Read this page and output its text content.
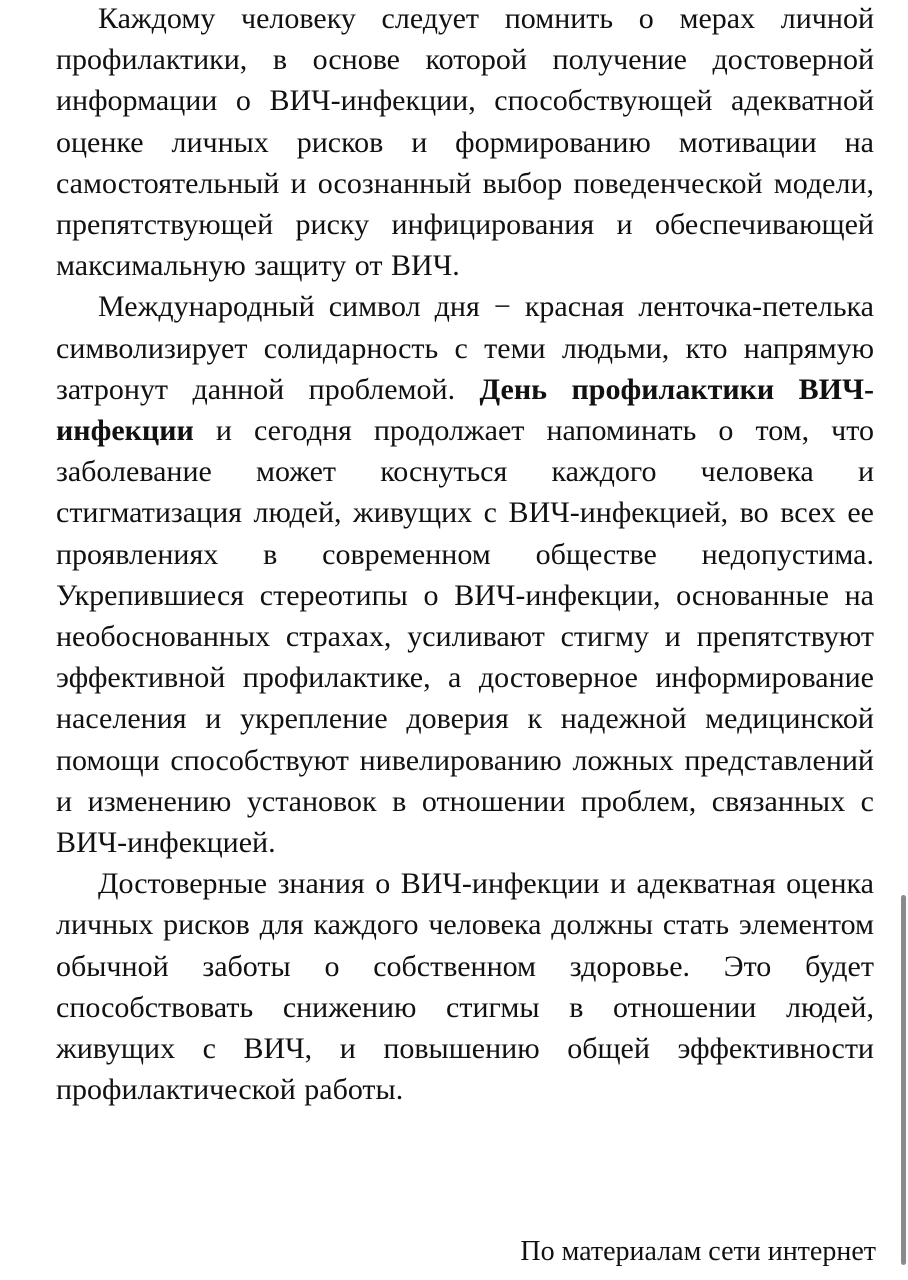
Каждому человеку следует помнить о мерах личной профилактики, в основе которой получение достоверной информации о ВИЧ-инфекции, способствующей адекватной оценке личных рисков и формированию мотивации на самостоятельный и осознанный выбор поведенческой модели, препятствующей риску инфицирования и обеспечивающей максимальную защиту от ВИЧ.

Международный символ дня − красная ленточка-петелька символизирует солидарность с теми людьми, кто напрямую затронут данной проблемой. День профилактики ВИЧ-инфекции и сегодня продолжает напоминать о том, что заболевание может коснуться каждого человека и стигматизация людей, живущих с ВИЧ-инфекцией, во всех ее проявлениях в современном обществе недопустима. Укрепившиеся стереотипы о ВИЧ-инфекции, основанные на необоснованных страхах, усиливают стигму и препятствуют эффективной профилактике, а достоверное информирование населения и укрепление доверия к надежной медицинской помощи способствуют нивелированию ложных представлений и изменению установок в отношении проблем, связанных с ВИЧ-инфекцией.

Достоверные знания о ВИЧ-инфекции и адекватная оценка личных рисков для каждого человека должны стать элементом обычной заботы о собственном здоровье. Это будет способствовать снижению стигмы в отношении людей, живущих с ВИЧ, и повышению общей эффективности профилактической работы.

По материалам сети интернет
